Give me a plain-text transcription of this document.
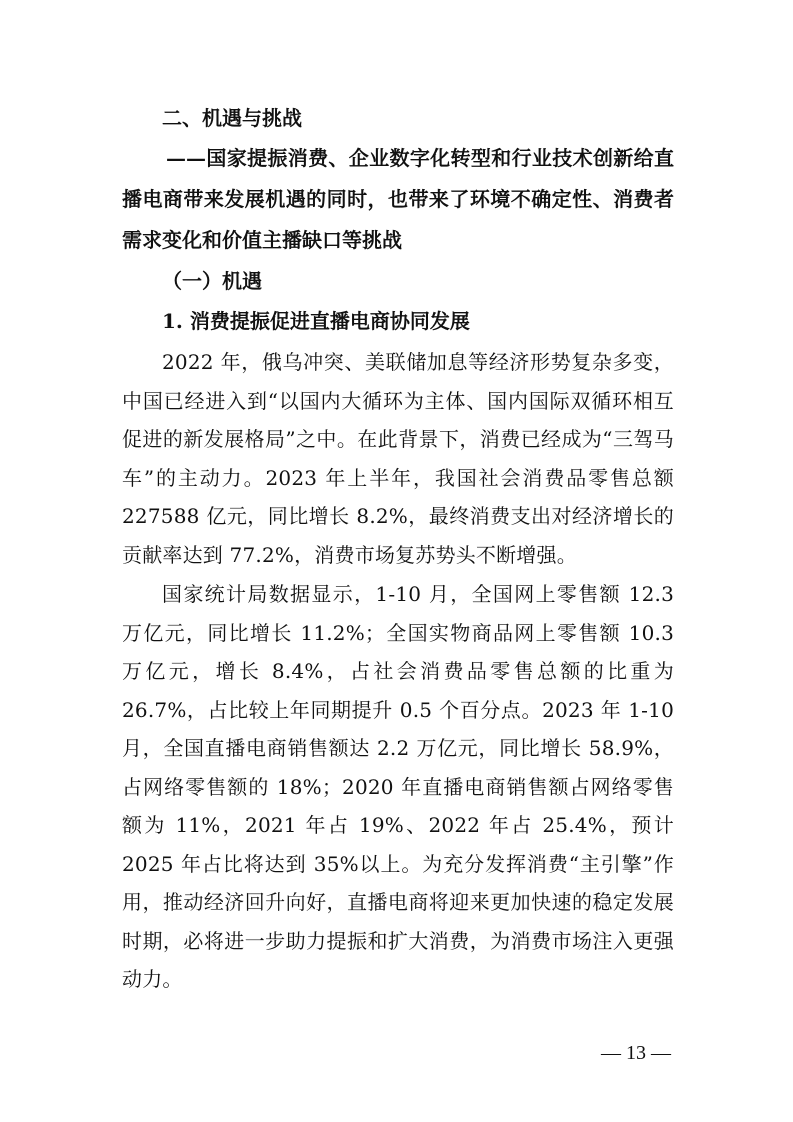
二、机遇与挑战

——国家提振消费、企业数字化转型和行业技术创新给直播电商带来发展机遇的同时，也带来了环境不确定性、消费者需求变化和价值主播缺口等挑战

（一）机遇
1. 消费提振促进直播电商协同发展

2022 年，俄乌冲突、美联储加息等经济形势复杂多变，中国已经进入到“以国内大循环为主体、国内国际双循环相互促进的新发展格局”之中。在此背景下，消费已经成为“三驾马车”的主动力。2023 年上半年，我国社会消费品零售总额 227588 亿元，同比增长 8.2%，最终消费支出对经济增长的贡献率达到 77.2%，消费市场复苏势头不断增强。

国家统计局数据显示，1-10 月，全国网上零售额 12.3 万亿元，同比增长 11.2%；全国实物商品网上零售额 10.3 万亿元，增长 8.4%，占社会消费品零售总额的比重为 26.7%，占比较上年同期提升 0.5 个百分点。2023 年 1-10 月，全国直播电商销售额达 2.2 万亿元，同比增长 58.9%，占网络零售额的 18%；2020 年直播电商销售额占网络零售额为 11%，2021 年占 19%、2022 年占 25.4%，预计 2025 年占比将达到 35%以上。为充分发挥消费“主引擎”作用，推动经济回升向好，直播电商将迎来更加快速的稳定发展时期，必将进一步助力提振和扩大消费，为消费市场注入更强动力。

— 13 —
